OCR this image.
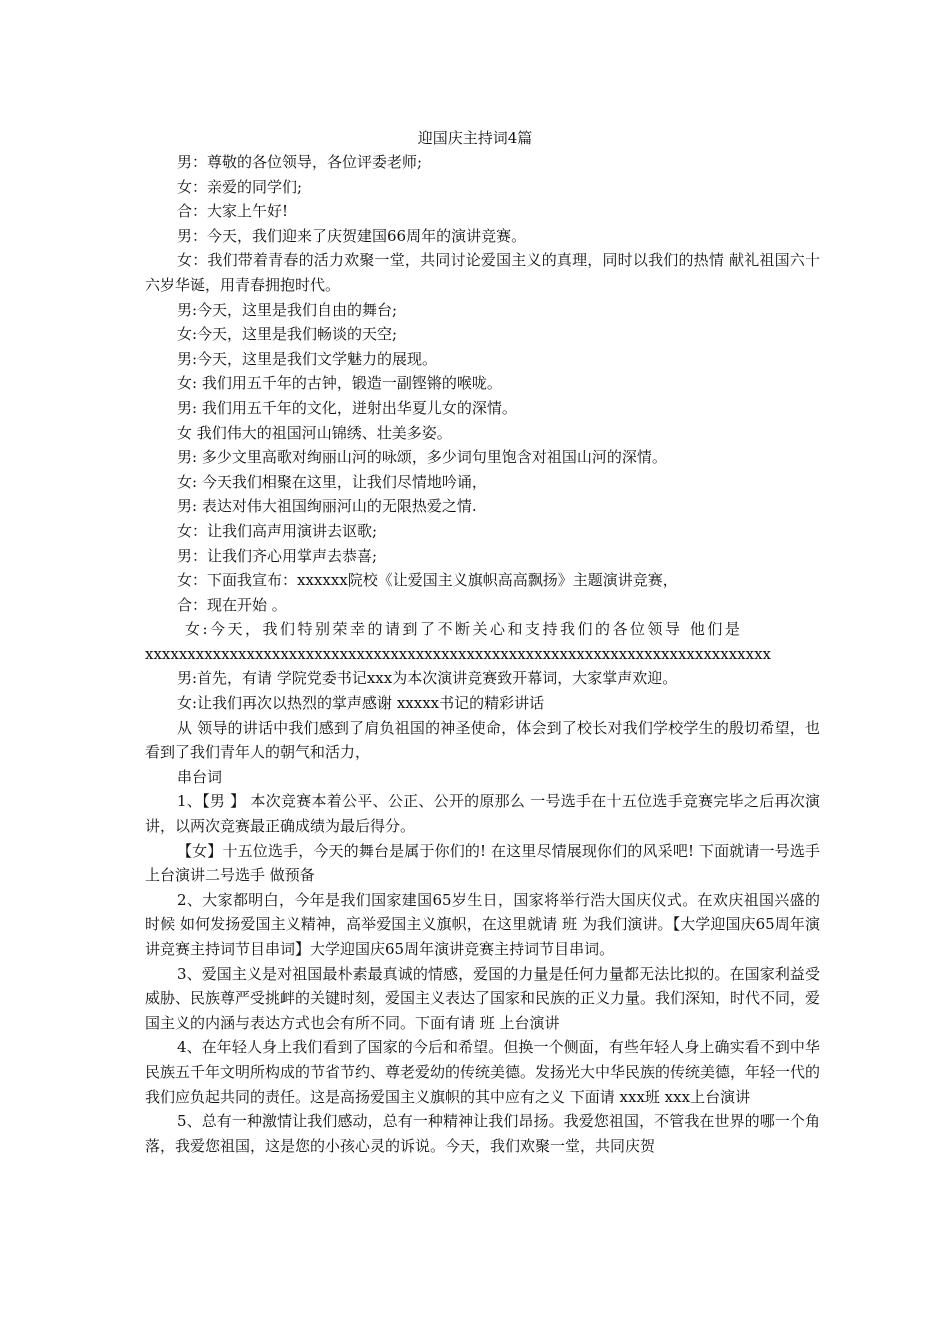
迎国庆主持词4篇

男：尊敬的各位领导，各位评委老师;

女：亲爱的同学们;

合：大家上午好!

男：今天，我们迎来了庆贺建国66周年的演讲竞赛。

女：我们带着青春的活力欢聚一堂，共同讨论爱国主义的真理，同时以我们的热情 献礼祖国六十六岁华诞，用青春拥抱时代。

男:今天，这里是我们自由的舞台;

女:今天，这里是我们畅谈的天空;

男:今天，这里是我们文学魅力的展现。

女: 我们用五千年的古钟，锻造一副铿锵的喉咙。

男: 我们用五千年的文化，迸射出华夏儿女的深情。

女 我们伟大的祖国河山锦绣、壮美多姿。

男: 多少文里高歌对绚丽山河的咏颂，多少词句里饱含对祖国山河的深情。

女: 今天我们相聚在这里，让我们尽情地吟诵，

男: 表达对伟大祖国绚丽河山的无限热爱之情.

女：让我们高声用演讲去讴歌;

男：让我们齐心用掌声去恭喜;

女：下面我宣布：xxxxxx院校《让爱国主义旗帜高高飘扬》主题演讲竞赛，

合：现在开始 。

女:今天，我们特别荣幸的请到了不断关心和支持我们的各位领导 他们是

xxxxxxxxxxxxxxxxxxxxxxxxxxxxxxxxxxxxxxxxxxxxxxxxxxxxxxxxxxxxxxxxxxxxxxxxxx

男:首先，有请 学院党委书记xxx为本次演讲竞赛致开幕词，大家掌声欢迎。

女:让我们再次以热烈的掌声感谢 xxxxx书记的精彩讲话

从 领导的讲话中我们感到了肩负祖国的神圣使命，体会到了校长对我们学校学生的殷切希望，也看到了我们青年人的朝气和活力，

串台词

1、【男 】 本次竞赛本着公平、公正、公开的原那么 一号选手在十五位选手竞赛完毕之后再次演讲，以两次竞赛最正确成绩为最后得分。

【女】十五位选手，今天的舞台是属于你们的! 在这里尽情展现你们的风采吧! 下面就请一号选手 上台演讲二号选手 做预备

2、大家都明白，今年是我们国家建国65岁生日，国家将举行浩大国庆仪式。在欢庆祖国兴盛的时候 如何发扬爱国主义精神，高举爱国主义旗帜，在这里就请 班 为我们演讲。【大学迎国庆65周年演讲竞赛主持词节目串词】大学迎国庆65周年演讲竞赛主持词节目串词。

3、爱国主义是对祖国最朴素最真诚的情感，爱国的力量是任何力量都无法比拟的。在国家利益受威胁、民族尊严受挑衅的关键时刻，爱国主义表达了国家和民族的正义力量。我们深知，时代不同，爱国主义的内涵与表达方式也会有所不同。下面有请 班 上台演讲

4、在年轻人身上我们看到了国家的今后和希望。但换一个侧面，有些年轻人身上确实看不到中华民族五千年文明所构成的节省节约、尊老爱幼的传统美德。发扬光大中华民族的传统美德，年轻一代的我们应负起共同的责任。这是高扬爱国主义旗帜的其中应有之义 下面请 xxx班 xxx上台演讲

5、总有一种激情让我们感动，总有一种精神让我们昂扬。我爱您祖国，不管我在世界的哪一个角落，我爱您祖国，这是您的小孩心灵的诉说。今天，我们欢聚一堂，共同庆贺
